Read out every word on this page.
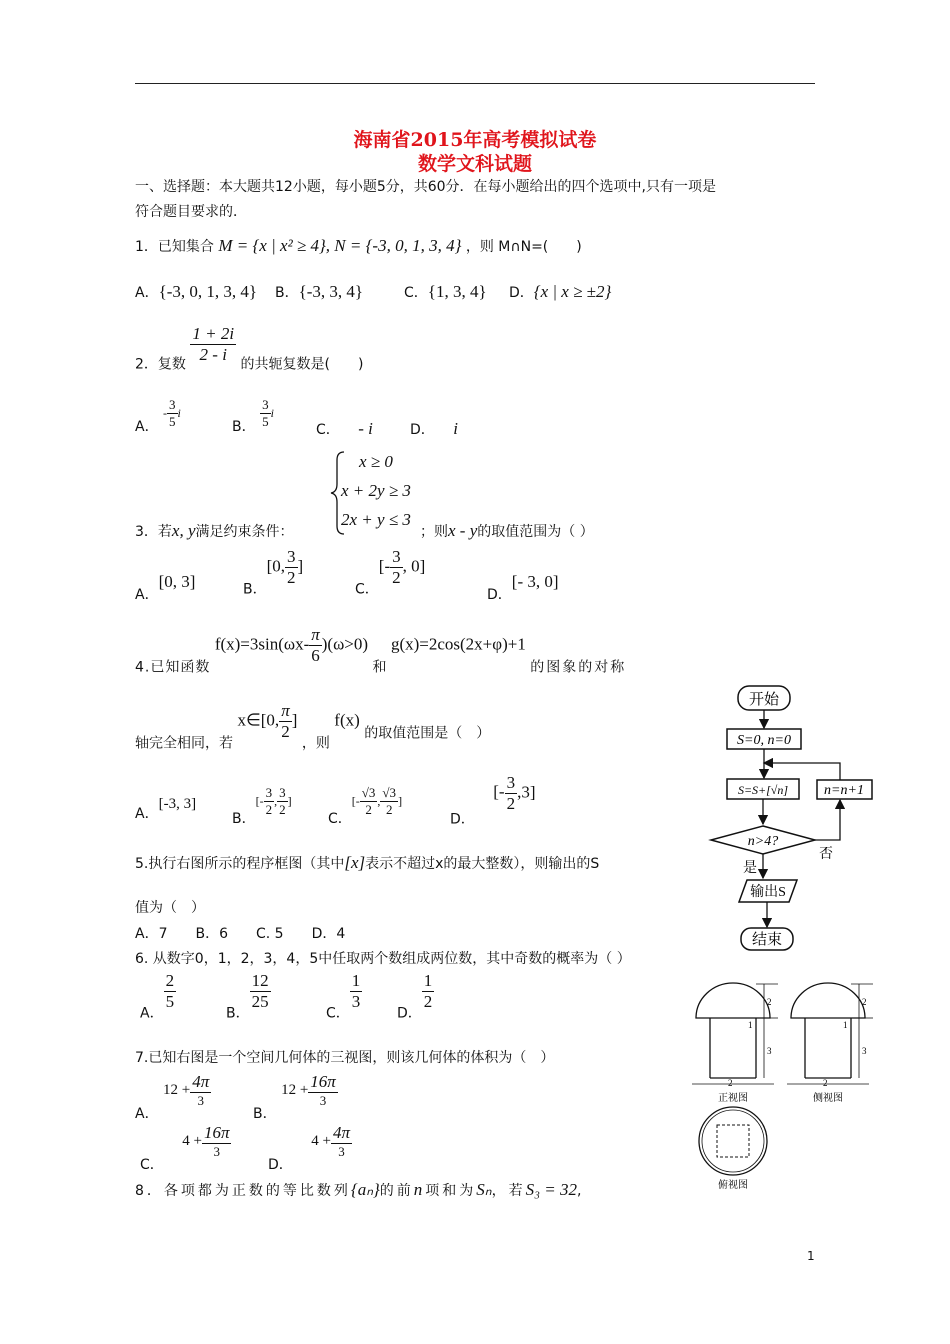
海南省2015年高考模拟试卷
数学文科试题
一、选择题：本大题共12小题，每小题5分，共60分．在每小题给出的四个选项中,只有一项是
符合题目要求的．
1．已知集合 M = {x | x² ≥ 4}, N = {-3, 0, 1, 3, 4} ，则 M∩N=(　　)
A．{-3, 0, 1, 3, 4} B．{-3, 3, 4}	C．{1, 3, 4} D．{x | x ≥ ±2}
2．复数
$\frac{1 + 2i}{2 - i}$
的共轭复数是(　　)
A． - $\frac{3}{5}$ i
B． $\frac{3}{5}$ i
C． - i	D． i
3．若x, y满足约束条件：
x ≥ 0
x + 2y ≥ 3
2x + y ≤ 3
；则x - y的取值范围为（ ）
A．[0, 3]	B．[0, $\frac{3}{2}$ ]
C．[- $\frac{3}{2}$ , 0]
D．[- 3, 0]
4.已知函数 $f(x)=3\sin(\omega x- \frac{\pi}{6} )(\omega>0)$ 和 g(x)=2cos(2x+φ)+1 的图象的对称
轴完全相同，若 x∈[0, $\frac{\pi}{2}$ ] ，则 f(x) 的取值范围是（　）
A．[-3, 3]
B．[- $\frac{3}{2}$ , $\frac{3}{2}$ ]
C．[- $\frac{√3}{2}$ , $\frac{√3}{2}$ ]
D． [- $\frac{3}{2} ,3$]
5.执行右图所示的程序框图（其中[x]表示不超过x的最大整数），则输出的S
值为（　）
A．7　　B．6　　C. 5　　D．4
6. 从数字0，1，2，3，4，5中任取两个数组成两位数，其中奇数的概率为（ ）
A．
$\frac{2}{5}$
B．
$\frac{12}{25}$
C．
$\frac{1}{3}$
D．
$\frac{1}{2}$
7.已知右图是一个空间几何体的三视图，则该几何体的体积为（　）
A． $12 + \frac{4\pi}{3}$
B． $12 + \frac{16\pi}{3}$
C． $4 + \frac{16\pi}{3}$
D． $4 + \frac{4\pi}{3}$
8．各项都为正数的等比数列{aₙ}的前n项和为Sₙ，若S₃ = 32,
开始
S=0, n=0
S=S+[√n]
n>4?
否
n=n+1
是
输出S
结束
2
1
3
2
正视图
2
1
3
2
侧视图
俯视图
1
